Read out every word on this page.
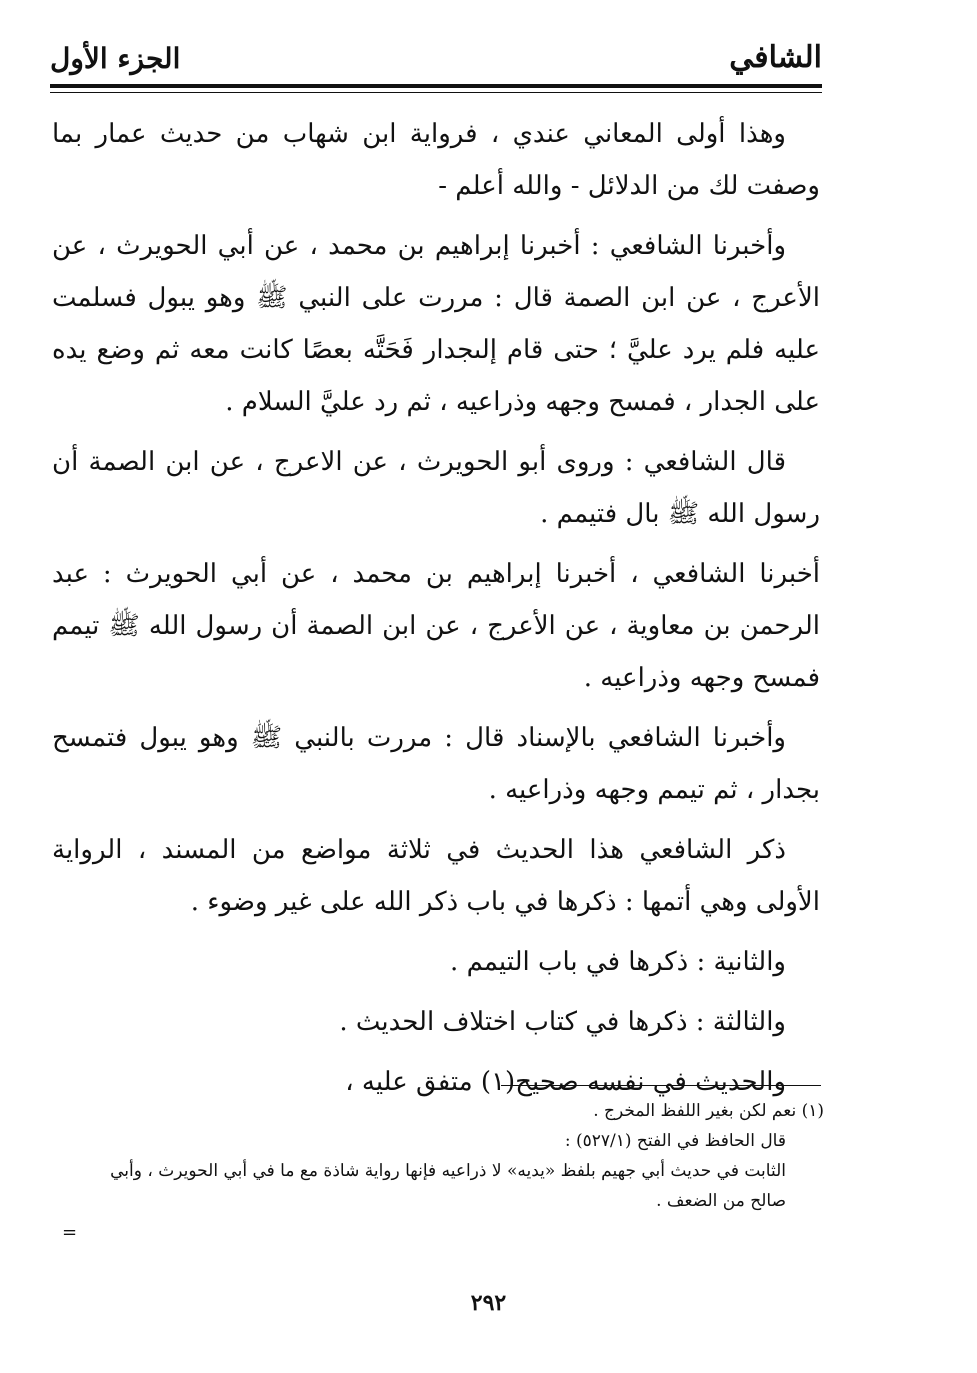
الشافي
الجزء الأول

وهذا أولى المعاني عندي ، فرواية ابن شهاب من حديث عمار بما وصفت لك من الدلائل - والله أعلم -

وأخبرنا الشافعي : أخبرنا إبراهيم بن محمد ، عن أبي الحويرث ، عن الأعرج ، عن ابن الصمة قال : مررت على النبي ﷺ وهو يبول فسلمت عليه فلم يرد عليَّ ؛ حتى قام إلىجدار فَحَتَّه بعصًا كانت معه ثم وضع يده على الجدار ، فمسح وجهه وذراعيه ، ثم رد عليَّ السلام .

قال الشافعي : وروى أبو الحويرث ، عن الاعرج ، عن ابن الصمة أن رسول الله ﷺ بال فتيمم .

أخبرنا الشافعي ، أخبرنا إبراهيم بن محمد ، عن أبي الحويرث : عبد الرحمن بن معاوية ، عن الأعرج ، عن ابن الصمة أن رسول الله ﷺ تيمم فمسح وجهه وذراعيه .

وأخبرنا الشافعي بالإسناد قال : مررت بالنبي ﷺ وهو يبول فتمسح بجدار ، ثم تيمم وجهه وذراعيه .

ذكر الشافعي هذا الحديث في ثلاثة مواضع من المسند ، الرواية الأولى وهي أتمها : ذكرها في باب ذكر الله على غير وضوء .

والثانية : ذكرها في باب التيمم .

والثالثة : ذكرها في كتاب اختلاف الحديث .

والحديث في نفسه صحيح(١) متفق عليه ،

(١) نعم لكن بغير اللفظ المخرج .

قال الحافظ في الفتح (٥٢٧/١) :

الثابت في حديث أبي جهيم بلفظ «يديه» لا ذراعيه فإنها رواية شاذة مع ما في أبي الحويرث ، وأبي

صالح من الضعف .

=
٢٩٢
